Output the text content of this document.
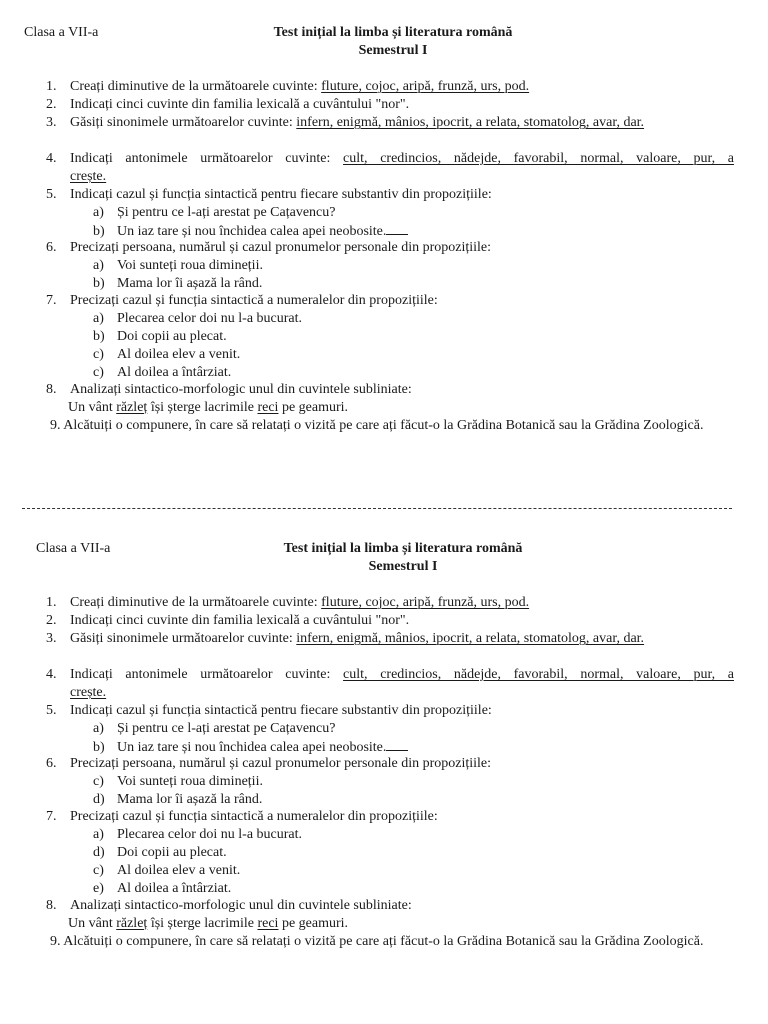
Clasa a VII-a	Test inițial la limba și literatura română
Semestrul I
1. Creați diminutive de la următoarele cuvinte: fluture, cojoc, aripă, frunză, urs, pod.
2. Indicați cinci cuvinte din familia lexicală a cuvântului "nor".
3. Găsiți sinonimele următoarelor cuvinte: infern, enigmă, mânios, ipocrit, a relata, stomatolog, avar, dar.
4. Indicați antonimele următoarelor cuvinte: cult, credincios, nădejde, favorabil, normal, valoare, pur, a
crește.
5. Indicați cazul și funcția sintactică pentru fiecare substantiv din propozițiile:
a) Și pentru ce l-ați arestat pe Cațavencu?
b) Un iaz tare și nou închidea calea apei neobosite.
6. Precizați persoana, numărul și cazul pronumelor personale din propozițiile:
a) Voi sunteți roua dimineții.
b) Mama lor îi așază la rând.
7. Precizați cazul și funcția sintactică a numeralelor din propozițiile:
a) Plecarea celor doi nu l-a bucurat.
b) Doi copii au plecat.
c) Al doilea elev a venit.
c) Al doilea a întârziat.
8. Analizați sintactico-morfologic unul din cuvintele subliniate:
Un vânt răzleț își șterge lacrimile reci pe geamuri.
9. Alcătuiți o compunere, în care să relatați o vizită pe care ați făcut-o la Grădina Botanică sau la Grădina Zoologică.
Clasa a VII-a	Test inițial la limba și literatura română
Semestrul I
1. Creați diminutive de la următoarele cuvinte: fluture, cojoc, aripă, frunză, urs, pod.
2. Indicați cinci cuvinte din familia lexicală a cuvântului "nor".
3. Găsiți sinonimele următoarelor cuvinte: infern, enigmă, mânios, ipocrit, a relata, stomatolog, avar, dar.
4. Indicați antonimele următoarelor cuvinte: cult, credincios, nădejde, favorabil, normal, valoare, pur, a
crește.
5. Indicați cazul și funcția sintactică pentru fiecare substantiv din propozițiile:
a) Și pentru ce l-ați arestat pe Cațavencu?
b) Un iaz tare și nou închidea calea apei neobosite.
6. Precizați persoana, numărul și cazul pronumelor personale din propozițiile:
c) Voi sunteți roua dimineții.
d) Mama lor îi așază la rând.
7. Precizați cazul și funcția sintactică a numeralelor din propozițiile:
a) Plecarea celor doi nu l-a bucurat.
d) Doi copii au plecat.
c) Al doilea elev a venit.
e) Al doilea a întârziat.
8. Analizați sintactico-morfologic unul din cuvintele subliniate:
Un vânt răzleț își șterge lacrimile reci pe geamuri.
9. Alcătuiți o compunere, în care să relatați o vizită pe care ați făcut-o la Grădina Botanică sau la Grădina Zoologică.
